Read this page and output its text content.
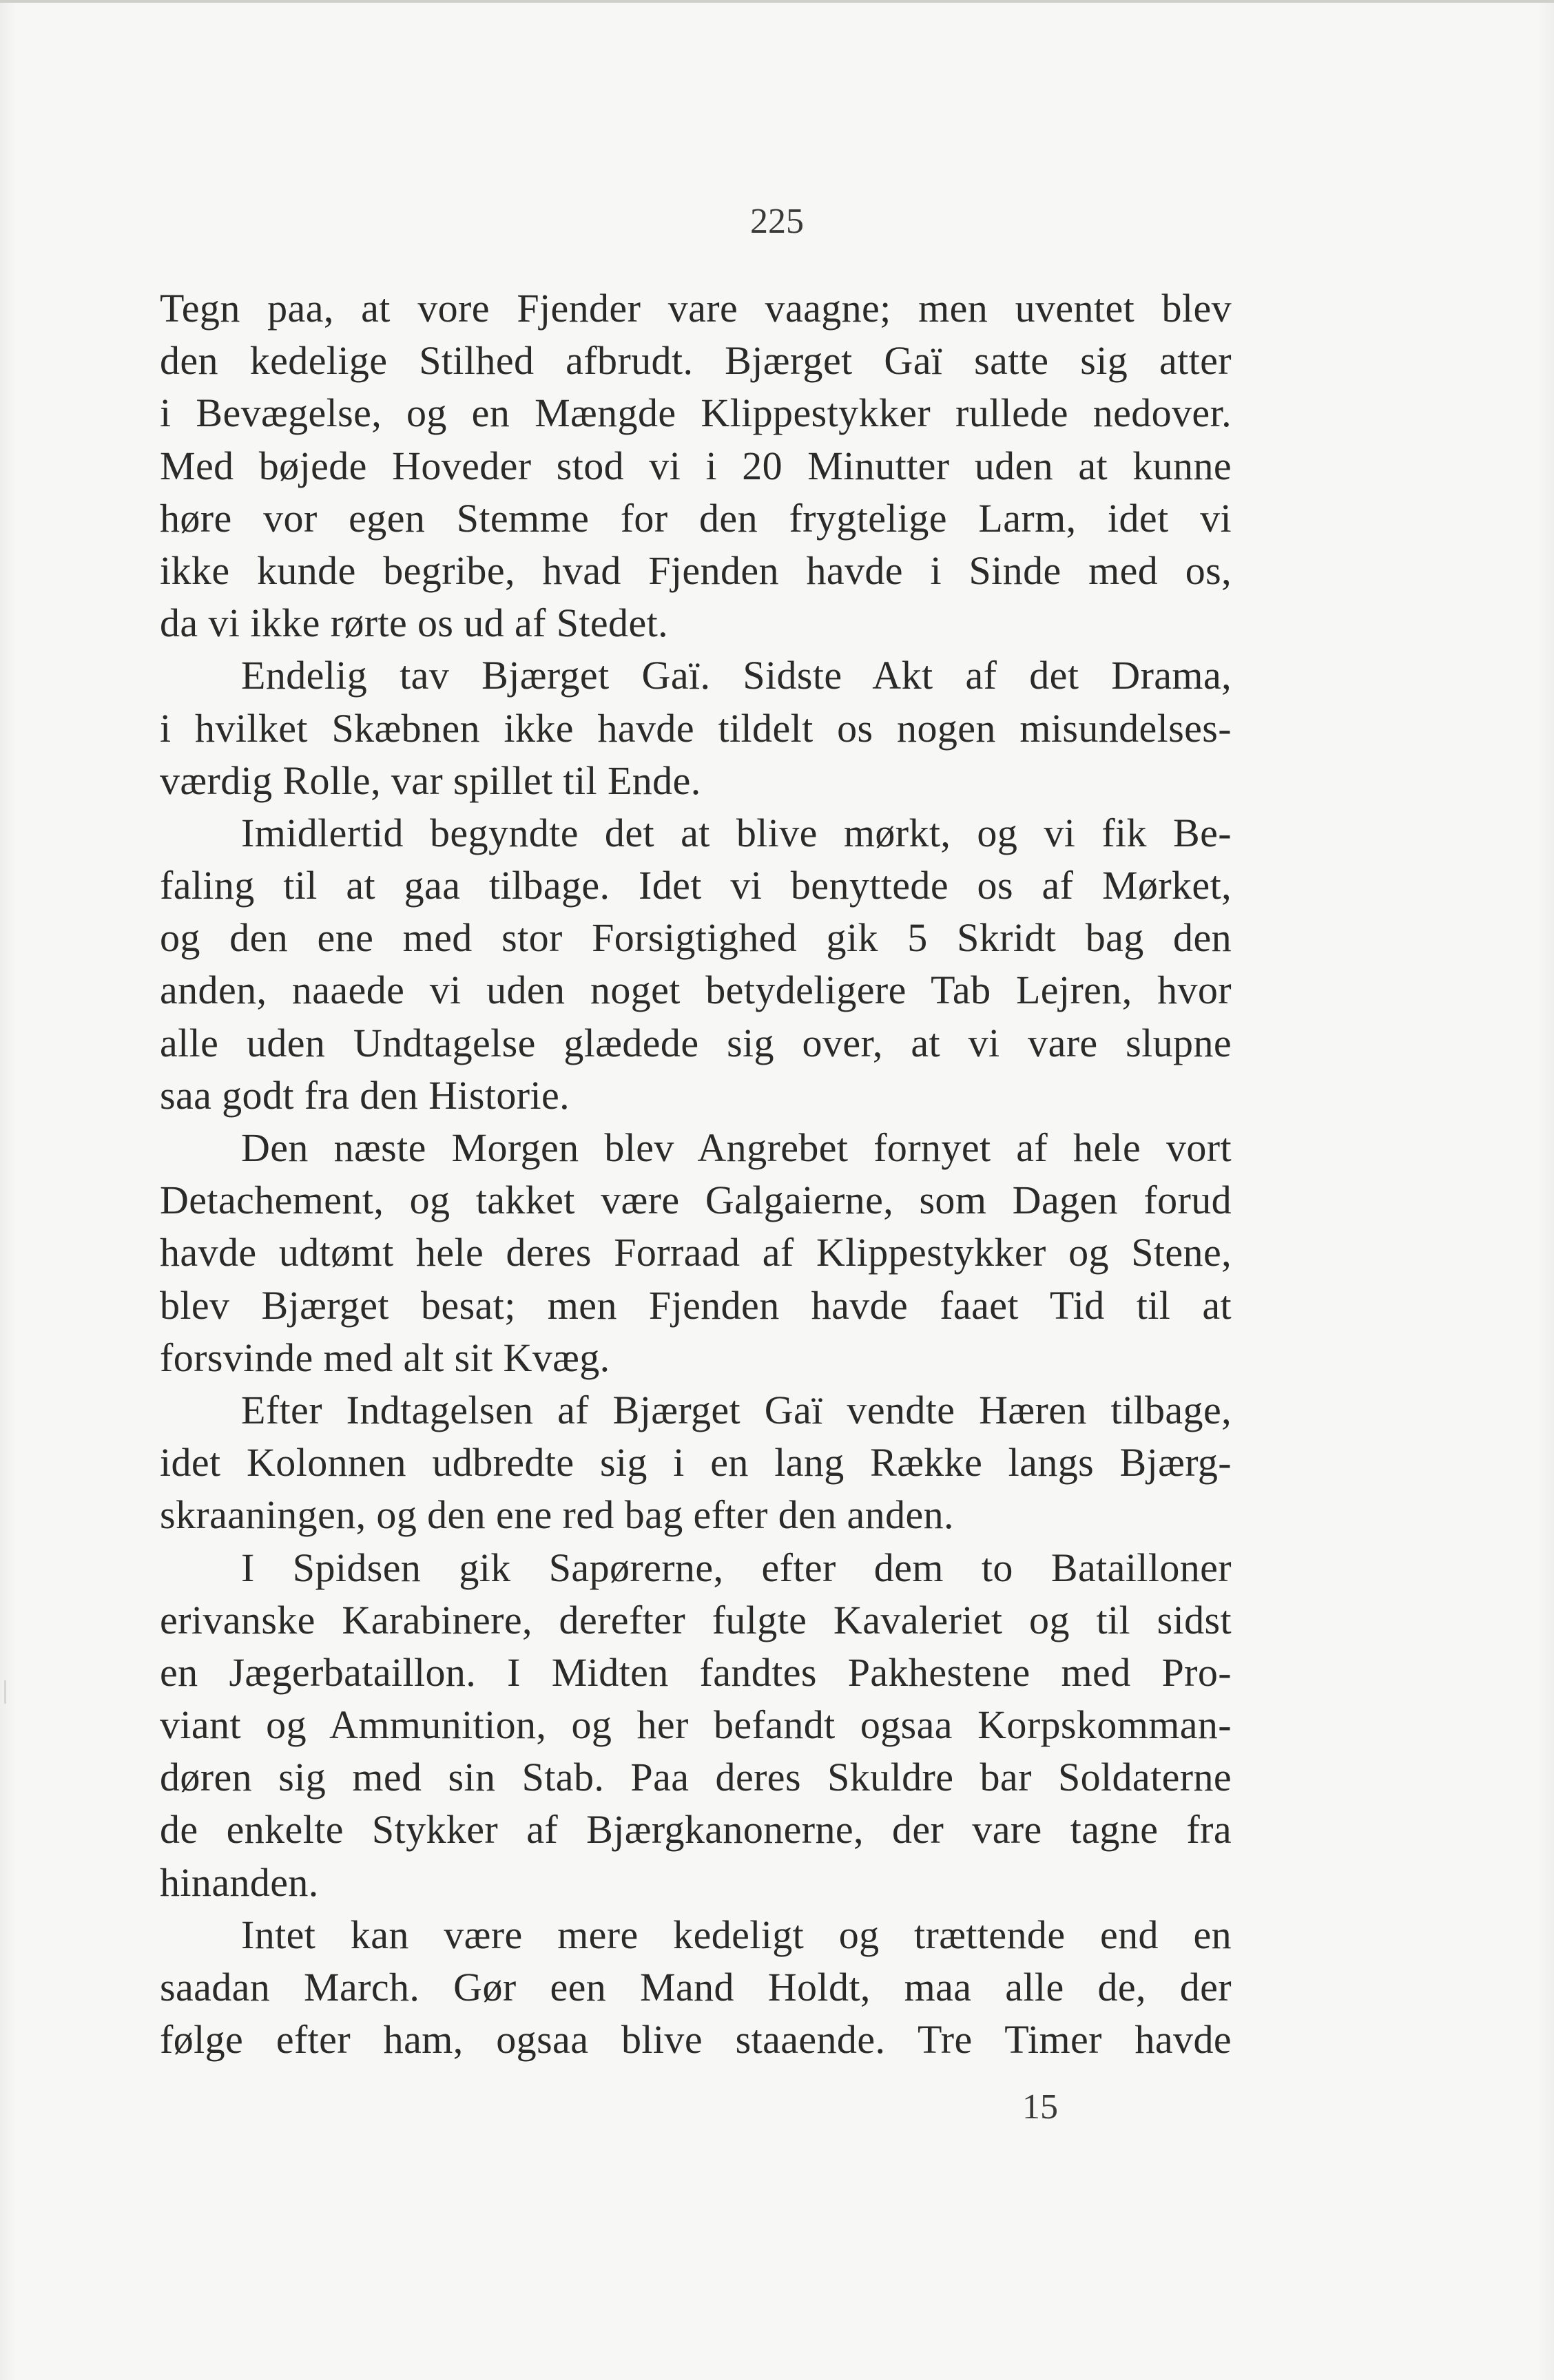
225
Tegn paa, at vore Fjender vare vaagne; men uventet blev
den kedelige Stilhed afbrudt. Bjærget Gaï satte sig atter
i Bevægelse, og en Mængde Klippestykker rullede nedover.
Med bøjede Hoveder stod vi i 20 Minutter uden at kunne
høre vor egen Stemme for den frygtelige Larm, idet vi
ikke kunde begribe, hvad Fjenden havde i Sinde med os,
da vi ikke rørte os ud af Stedet.
Endelig tav Bjærget Gaï. Sidste Akt af det Drama,
i hvilket Skæbnen ikke havde tildelt os nogen misundelses-
værdig Rolle, var spillet til Ende.
Imidlertid begyndte det at blive mørkt, og vi fik Be-
faling til at gaa tilbage. Idet vi benyttede os af Mørket,
og den ene med stor Forsigtighed gik 5 Skridt bag den
anden, naaede vi uden noget betydeligere Tab Lejren, hvor
alle uden Undtagelse glædede sig over, at vi vare slupne
saa godt fra den Historie.
Den næste Morgen blev Angrebet fornyet af hele vort
Detachement, og takket være Galgaierne, som Dagen forud
havde udtømt hele deres Forraad af Klippestykker og Stene,
blev Bjærget besat; men Fjenden havde faaet Tid til at
forsvinde med alt sit Kvæg.
Efter Indtagelsen af Bjærget Gaï vendte Hæren tilbage,
idet Kolonnen udbredte sig i en lang Række langs Bjærg-
skraaningen, og den ene red bag efter den anden.
I Spidsen gik Sapørerne, efter dem to Bataillоner
erivanske Karabinere, derefter fulgte Kavaleriet og til sidst
en Jægerbataillon. I Midten fandtes Pakhestene med Pro-
viant og Ammunition, og her befandt ogsaa Korpskomman-
døren sig med sin Stab. Paa deres Skuldre bar Soldaterne
de enkelte Stykker af Bjærgkanonerne, der vare tagne fra
hinanden.
Intet kan være mere kedeligt og trættende end en
saadan March. Gør een Mand Holdt, maa alle de, der
følge efter ham, ogsaa blive staaende. Tre Timer havde
15
